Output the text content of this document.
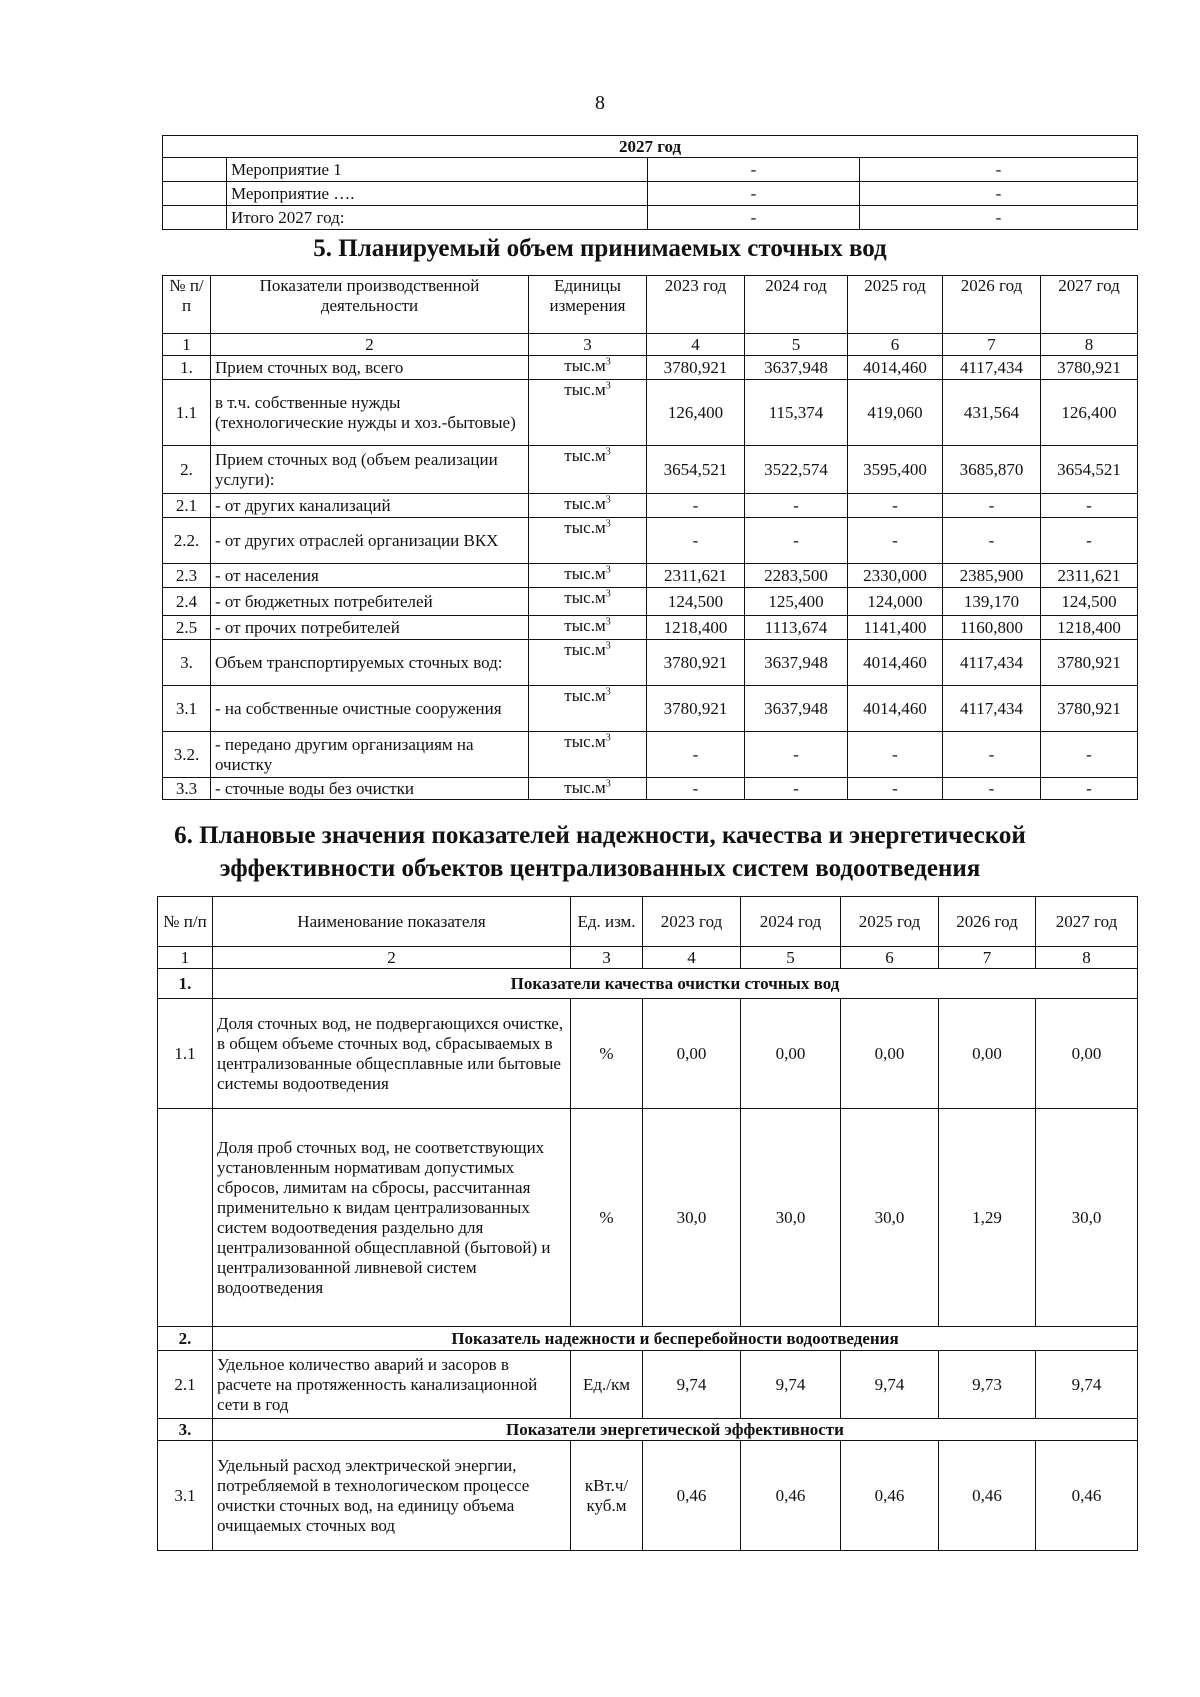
8
2027 год			
	Мероприятие 1	-	-
	Мероприятие ….	-	-
	Итого 2027 год:	-	-
5. Планируемый объем принимаемых сточных вод
№ п/п	Показатели производственной деятельности	Единицы измерения	2023 год	2024 год	2025 год	2026 год	2027 год
1	2	3	4	5	6	7	8
1.	Прием сточных вод, всего	$тыс.м^3$	3780,921	3637,948	4014,460	4117,434	3780,921
1.1	в т.ч. собственные нужды (технологические нужды и хоз.-бытовые)	$тыс.м^3$	126,400	115,374	419,060	431,564	126,400
2.	Прием сточных вод (объем реализации услуги):	$тыс.м^3$	3654,521	3522,574	3595,400	3685,870	3654,521
2.1	- от других канализаций	$тыс.м^3$	-	-	-	-	-
2.2.	- от других отраслей организации ВКХ	$тыс.м^3$	-	-	-	-	-
2.3	- от населения	$тыс.м^3$	2311,621	2283,500	2330,000	2385,900	2311,621
2.4	- от бюджетных потребителей	$тыс.м^3$	124,500	125,400	124,000	139,170	124,500
2.5	- от прочих потребителей	$тыс.м^3$	1218,400	1113,674	1141,400	1160,800	1218,400
3.	Объем транспортируемых сточных вод:	$тыс.м^3$	3780,921	3637,948	4014,460	4117,434	3780,921
3.1	- на собственные очистные сооружения	$тыс.м^3$	3780,921	3637,948	4014,460	4117,434	3780,921
3.2.	- передано другим организациям на очистку	$тыс.м^3$	-	-	-	-	-
3.3	- сточные воды без очистки	$тыс.м^3$	-	-	-	-	-
6. Плановые значения показателей надежности, качества и энергетической
эффективности объектов централизованных систем водоотведения
№ п/п	Наименование показателя	Ед. изм.	2023 год	2024 год	2025 год	2026 год	2027 год
1	2	3	4	5	6	7	8
1.	Показатели качества очистки сточных вод						
1.1	Доля сточных вод, не подвергающихся очистке, в общем объеме сточных вод, сбрасываемых в централизованные общесплавные или бытовые системы водоотведения	%	0,00	0,00	0,00	0,00	0,00
	Доля проб сточных вод, не соответствующих установленным нормативам допустимых сбросов, лимитам на сбросы, рассчитанная применительно к видам централизованных систем водоотведения раздельно для централизованной общесплавной (бытовой) и централизованной ливневой систем водоотведения	%	30,0	30,0	30,0	1,29	30,0
2.	Показатель надежности и бесперебойности водоотведения						
2.1	Удельное количество аварий и засоров в расчете на протяженность канализационной сети в год	Ед./км	9,74	9,74	9,74	9,73	9,74
3.	Показатели энергетической эффективности						
3.1	Удельный расход электрической энергии, потребляемой в технологическом процессе очистки сточных вод, на единицу объема очищаемых сточных вод	кВт.ч/куб.м	0,46	0,46	0,46	0,46	0,46
